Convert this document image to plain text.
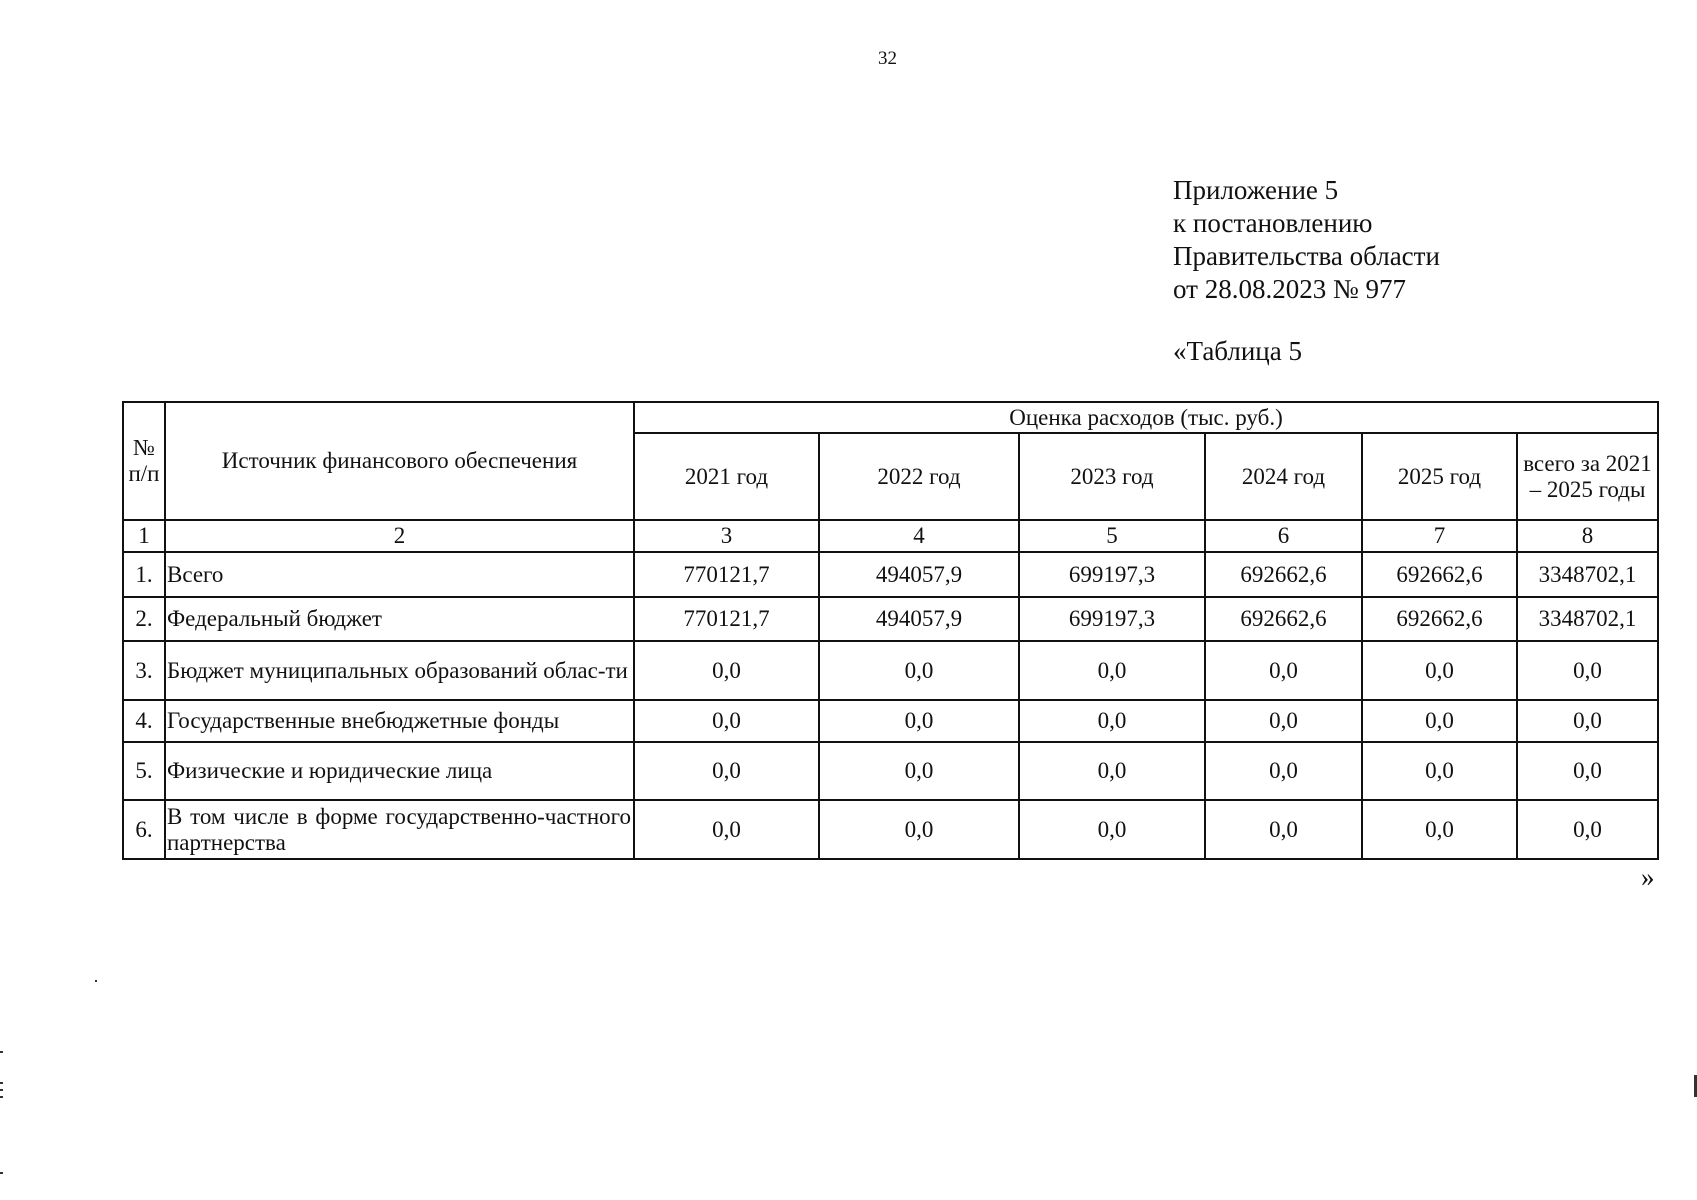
32
Приложение 5
к постановлению
Правительства области
от 28.08.2023 № 977
«Таблица 5
№ п/п	Источник финансового обеспечения	Оценка расходов (тыс. руб.)					
		2021 год	2022 год	2023 год	2024 год	2025 год	всего за 2021 – 2025 годы
1	2	3	4	5	6	7	8
1.	Всего	770121,7	494057,9	699197,3	692662,6	692662,6	3348702,1
2.	Федеральный бюджет	770121,7	494057,9	699197,3	692662,6	692662,6	3348702,1
3.	Бюджет муниципальных образований облас-ти	0,0	0,0	0,0	0,0	0,0	0,0
4.	Государственные внебюджетные фонды	0,0	0,0	0,0	0,0	0,0	0,0
5.	Физические и юридические лица	0,0	0,0	0,0	0,0	0,0	0,0
6.	В том числе в форме государственно-частного партнерства	0,0	0,0	0,0	0,0	0,0	0,0
»
